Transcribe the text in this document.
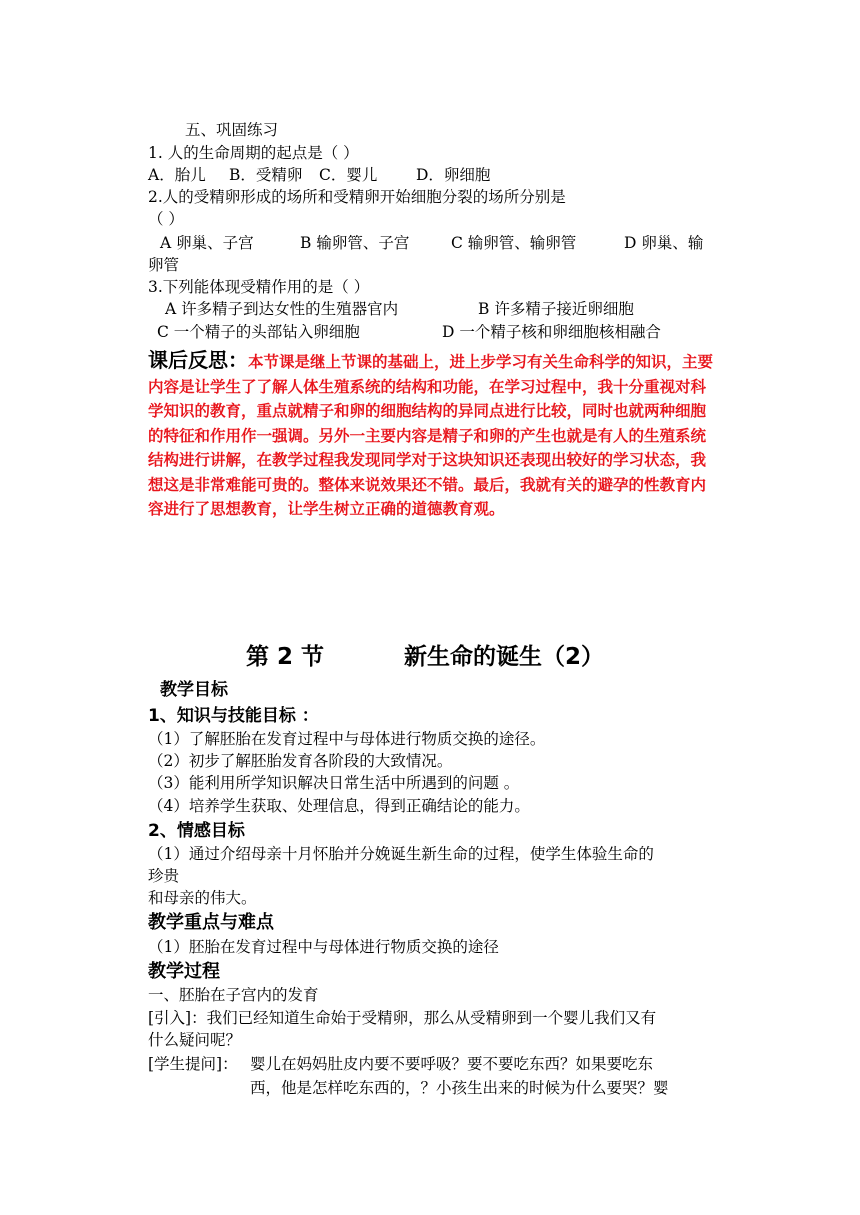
五、巩固练习
1. 人的生命周期的起点是（ ）
A．胎儿 B．受精卵 C．婴儿 D．卵细胞
2.人的受精卵形成的场所和受精卵开始细胞分裂的场所分别是
（ ）
A 卵巢、子宫	B 输卵管、子宫	C 输卵管、输卵管	D 卵巢、输
卵管
3.下列能体现受精作用的是（ ）
A 许多精子到达女性的生殖器官内	B 许多精子接近卵细胞
C 一个精子的头部钻入卵细胞	D 一个精子核和卵细胞核相融合
课后反思：本节课是继上节课的基础上，进上步学习有关生命科学的知识，主要内容是让学生了了解人体生殖系统的结构和功能，在学习过程中，我十分重视对科学知识的教育，重点就精子和卵的细胞结构的异同点进行比较，同时也就两种细胞的特征和作用作一强调。另外一主要内容是精子和卵的产生也就是有人的生殖系统结构进行讲解，在教学过程我发现同学对于这块知识还表现出较好的学习状态，我想这是非常难能可贵的。整体来说效果还不错。最后，我就有关的避孕的性教育内容进行了思想教育，让学生树立正确的道德教育观。
第 2 节	新生命的诞生（2）
教学目标
1、知识与技能目标 ：
（1）了解胚胎在发育过程中与母体进行物质交换的途径。
（2）初步了解胚胎发育各阶段的大致情况。
（3）能利用所学知识解决日常生活中所遇到的问题 。
（4）培养学生获取、处理信息，得到正确结论的能力。
2、情感目标
（1）通过介绍母亲十月怀胎并分娩诞生新生命的过程，使学生体验生命的
珍贵
和母亲的伟大。
教学重点与难点
（1）胚胎在发育过程中与母体进行物质交换的途径
教学过程
一、胚胎在子宫内的发育
[引入]：我们已经知道生命始于受精卵，那么从受精卵到一个婴儿我们又有
什么疑问呢？
[学生提问]： 婴儿在妈妈肚皮内要不要呼吸？要不要吃东西？如果要吃东
西，他是怎样吃东西的，？小孩生出来的时候为什么要哭？婴
